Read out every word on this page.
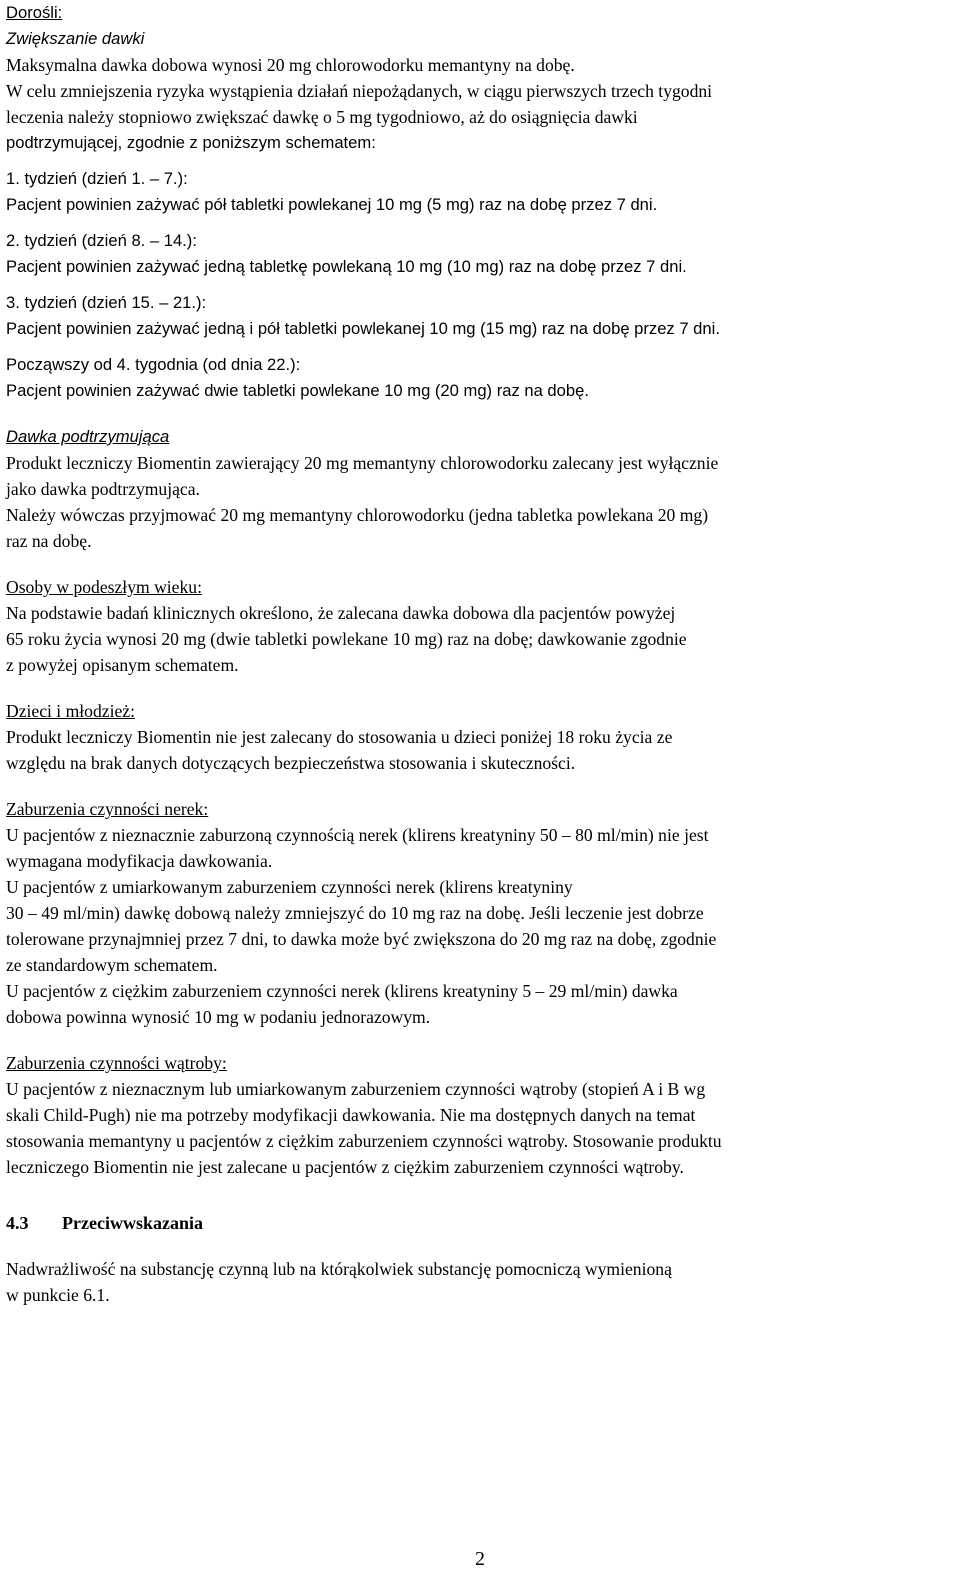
Dorośli:

Zwiększanie dawki

Maksymalna dawka dobowa wynosi 20 mg chlorowodorku memantyny na dobę.

W celu zmniejszenia ryzyka wystąpienia działań niepożądanych, w ciągu pierwszych trzech tygodni

leczenia należy stopniowo zwiększać dawkę o 5 mg tygodniowo, aż do osiągnięcia dawki

podtrzymującej, zgodnie z poniższym schematem:

1. tydzień (dzień 1. – 7.):

Pacjent powinien zażywać pół tabletki powlekanej 10 mg (5 mg) raz na dobę przez 7 dni.

2. tydzień (dzień 8. – 14.):

Pacjent powinien zażywać jedną tabletkę powlekaną 10 mg (10 mg) raz na dobę przez 7 dni.

3. tydzień (dzień 15. – 21.):

Pacjent powinien zażywać jedną i pół tabletki powlekanej 10 mg (15 mg) raz na dobę przez 7 dni.

Począwszy od 4. tygodnia (od dnia 22.):

Pacjent powinien zażywać dwie tabletki powlekane 10 mg (20 mg) raz na dobę.

Dawka podtrzymująca

Produkt leczniczy Biomentin zawierający 20 mg memantyny chlorowodorku zalecany jest wyłącznie

jako dawka podtrzymująca.

Należy wówczas przyjmować 20 mg memantyny chlorowodorku (jedna tabletka powlekana 20 mg)

raz na dobę.

Osoby w podeszłym wieku:

Na podstawie badań klinicznych określono, że zalecana dawka dobowa dla pacjentów powyżej

65 roku życia wynosi 20 mg (dwie tabletki powlekane 10 mg) raz na dobę; dawkowanie zgodnie

z powyżej opisanym schematem.

Dzieci i młodzież:

Produkt leczniczy Biomentin nie jest zalecany do stosowania u dzieci poniżej 18 roku życia ze

względu na brak danych dotyczących bezpieczeństwa stosowania i skuteczności.

Zaburzenia czynności nerek:

U pacjentów z nieznacznie zaburzoną czynnością nerek (klirens kreatyniny 50 – 80 ml/min) nie jest

wymagana modyfikacja dawkowania.

U pacjentów z umiarkowanym zaburzeniem czynności nerek (klirens kreatyniny

30 – 49 ml/min) dawkę dobową należy zmniejszyć do 10 mg raz na dobę. Jeśli leczenie jest dobrze

tolerowane przynajmniej przez 7 dni, to dawka może być zwiększona do 20 mg raz na dobę, zgodnie

ze standardowym schematem.

U pacjentów z ciężkim zaburzeniem czynności nerek (klirens kreatyniny 5 – 29 ml/min) dawka

dobowa powinna wynosić 10 mg w podaniu jednorazowym.

Zaburzenia czynności wątroby:

U pacjentów z nieznacznym lub umiarkowanym zaburzeniem czynności wątroby (stopień A i B wg

skali Child-Pugh) nie ma potrzeby modyfikacji dawkowania. Nie ma dostępnych danych na temat

stosowania memantyny u pacjentów z ciężkim zaburzeniem czynności wątroby. Stosowanie produktu

leczniczego Biomentin nie jest zalecane u pacjentów z ciężkim zaburzeniem czynności wątroby.

4.3 Przeciwwskazania

Nadwrażliwość na substancję czynną lub na którąkolwiek substancję pomocniczą wymienioną

w punkcie 6.1.

2
